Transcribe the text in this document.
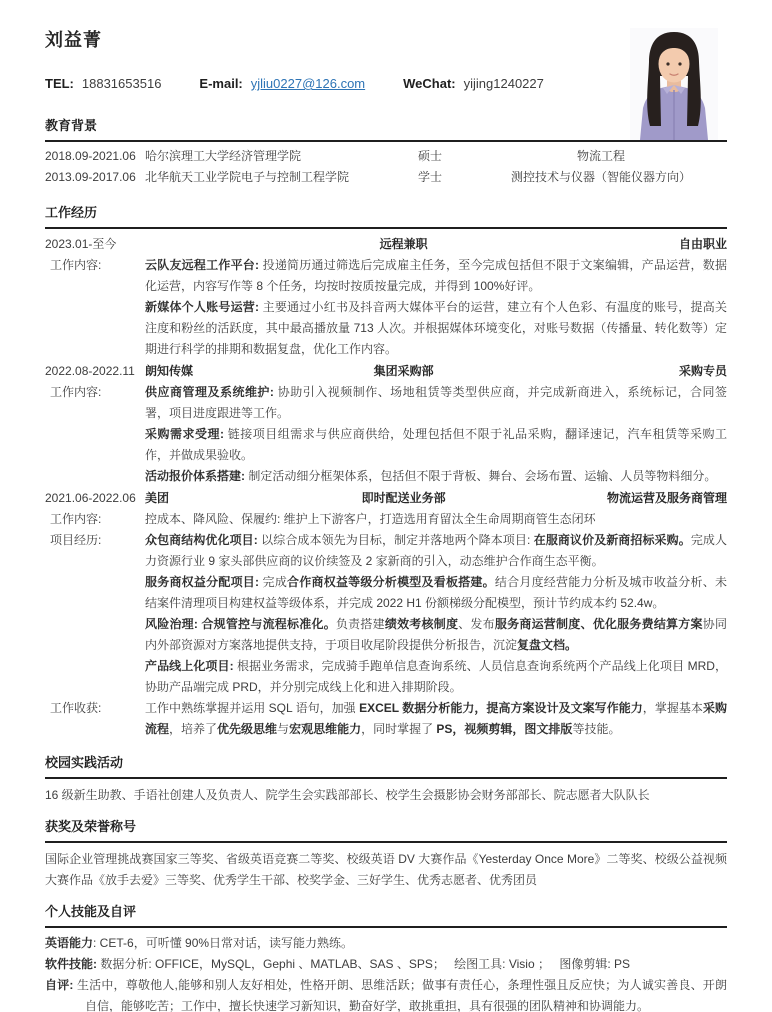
刘益菁
TEL: 18831653516	E-mail: yjliu0227@126.com	WeChat: yijing1240227
教育背景
2018.09-2021.06 哈尔滨理工大学经济管理学院	硕士	物流工程
2013.09-2017.06 北华航天工业学院电子与控制工程学院	学士	测控技术与仪器（智能仪器方向）
工作经历
2023.01-至今	远程兼职	自由职业
工作内容:	云队友远程工作平台: 投递简历通过筛选后完成雇主任务，至今完成包括但不限于文案编辑，产品运营，数据化运营，内容写作等 8 个任务，均按时按质按量完成，并得到 100%好评。
新媒体个人账号运营: 主要通过小红书及抖音两大媒体平台的运营，建立有个人色彩、有温度的账号，提高关注度和粉丝的活跃度，其中最高播放量 713 人次。并根据媒体环境变化，对账号数据（传播量、转化数等）定期进行科学的排期和数据复盘，优化工作内容。
2022.08-2022.11 朗知传媒	集团采购部	采购专员
工作内容:	供应商管理及系统维护: 协助引入视频制作、场地租赁等类型供应商，并完成新商进入，系统标记，合同签署，项目进度跟进等工作。
采购需求受理: 链接项目组需求与供应商供给，处理包括但不限于礼品采购，翻译速记，汽车租赁等采购工作，并做成果验收。
活动报价体系搭建: 制定活动细分框架体系，包括但不限于背板、舞台、会场布置、运输、人员等物料细分。
2021.06-2022.06 美团	即时配送业务部	物流运营及服务商管理
工作内容:	控成本、降风险、保履约: 维护上下游客户，打造选用育留汰全生命周期商管生态闭环
项目经历:	众包商结构优化项目: 以综合成本领先为目标，制定并落地两个降本项目: 在服商议价及新商招标采购。完成人力资源行业 9 家头部供应商的议价续签及 2 家新商的引入，动态维护合作商生态平衡。
服务商权益分配项目: 完成合作商权益等级分析模型及看板搭建。结合月度经营能力分析及城市收益分析、未结案件清理项目构建权益等级体系，并完成 2022 H1 份额梯级分配模型，预计节约成本约 52.4w。
风险治理: 合规管控与流程标准化。负责搭建绩效考核制度、发布服务商运营制度、优化服务费结算方案协同内外部资源对方案落地提供支持，于项目收尾阶段提供分析报告，沉淀复盘文档。
产品线上化项目: 根据业务需求，完成骑手跑单信息查询系统、人员信息查询系统两个产品线上化项目 MRD，协助产品端完成 PRD，并分别完成线上化和进入排期阶段。
工作收获:	工作中熟练掌握并运用 SQL 语句，加强 EXCEL 数据分析能力，提高方案设计及文案写作能力，掌握基本采购流程，培养了优先级思维与宏观思维能力，同时掌握了 PS，视频剪辑，图文排版等技能。
校园实践活动
16 级新生助教、手语社创建人及负责人、院学生会实践部部长、校学生会摄影协会财务部部长、院志愿者大队队长
获奖及荣誉称号
国际企业管理挑战赛国家三等奖、省级英语竞赛二等奖、校级英语 DV 大赛作品《Yesterday Once More》二等奖、校级公益视频大赛作品《放手去爱》三等奖、优秀学生干部、校奖学金、三好学生、优秀志愿者、优秀团员
个人技能及自评
英语能力: CET-6，可听懂 90%日常对话，读写能力熟练。
软件技能: 数据分析: OFFICE，MySQL，Gephi 、MATLAB、SAS 、SPS；　 绘图工具: Visio ；　 图像剪辑: PS
自评: 生活中，尊敬他人,能够和别人友好相处，性格开朗、思维活跃；做事有责任心，条理性强且反应快；为人诚实善良、开朗自信，能够吃苦；工作中，擅长快速学习新知识，勤奋好学，敢挑重担，具有很强的团队精神和协调能力。
